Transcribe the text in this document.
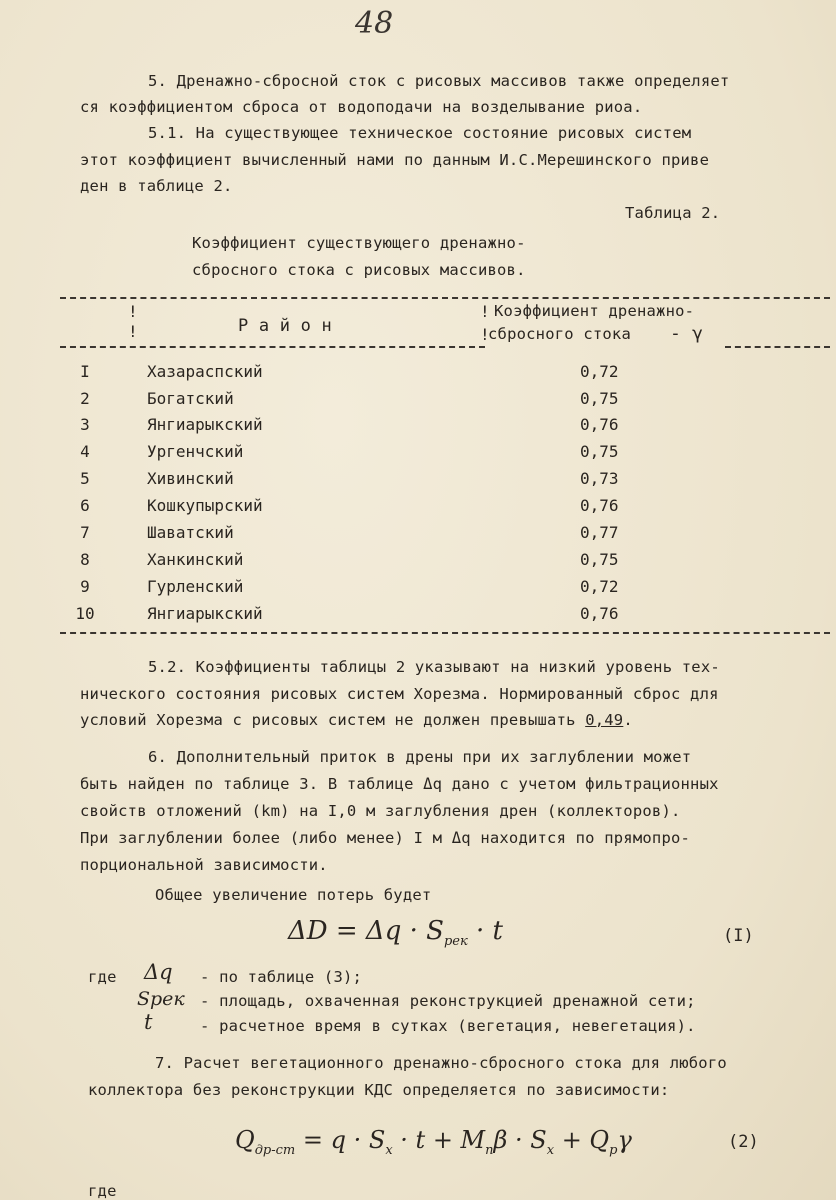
48
5. Дренажно-сбросной сток с рисовых массивов также определяет
ся коэффициентом сброса от водоподачи на возделывание риоа.
5.1. На существующее техническое состояние рисовых систем
этот коэффициент вычисленный нами по данным И.С.Мерешинского приве
ден в таблице 2.
Таблица 2.
Коэффициент существующего дренажно-
сбросного стока с рисовых массивов.
!
!	Р а й о н
!
!
Коэффициент дренажно-
сбросного стока - γ
I	Хазараспский	0,72
2	Богатский	0,75
3	Янгиарыкский	0,76
4	Ургенчский	0,75
5	Хивинский	0,73
6	Кошкупырский	0,76
7	Шаватский	0,77
8	Ханкинский	0,75
9	Гурленский	0,72
10	Янгиарыкский	0,76
5.2. Коэффициенты таблицы 2 указывают на низкий уровень тех-
нического состояния рисовых систем Хорезма. Нормированный сброс для
условий Хорезма с рисовых систем не должен превышать 0,49.
6. Дополнительный приток в дрены при их заглублении может
быть найден по таблице 3. В таблице Δq дано с учетом фильтрационных
свойств отложений (km) на I,0 м заглубления дрен (коллекторов).
При заглублении более (либо менее) I м Δq находится по прямопро-
порциональной зависимости.
Общее увеличение потерь будет
$\Delta D = \Delta q \cdot S_{рек} \cdot t$	(I)
где Δq - по таблице (3);
Sрек - площадь, охваченная реконструкцией дренажной сети;
t	- расчетное время в сутках (вегетация, невегетация).
7. Расчет вегетационного дренажно-сбросного стока для любого
коллектора без реконструкции КДС определяется по зависимости:
$Q_{др-ст} = q \cdot S_x \cdot t + M_n\beta \cdot S_x + Q_р\gamma$	(2)
где
